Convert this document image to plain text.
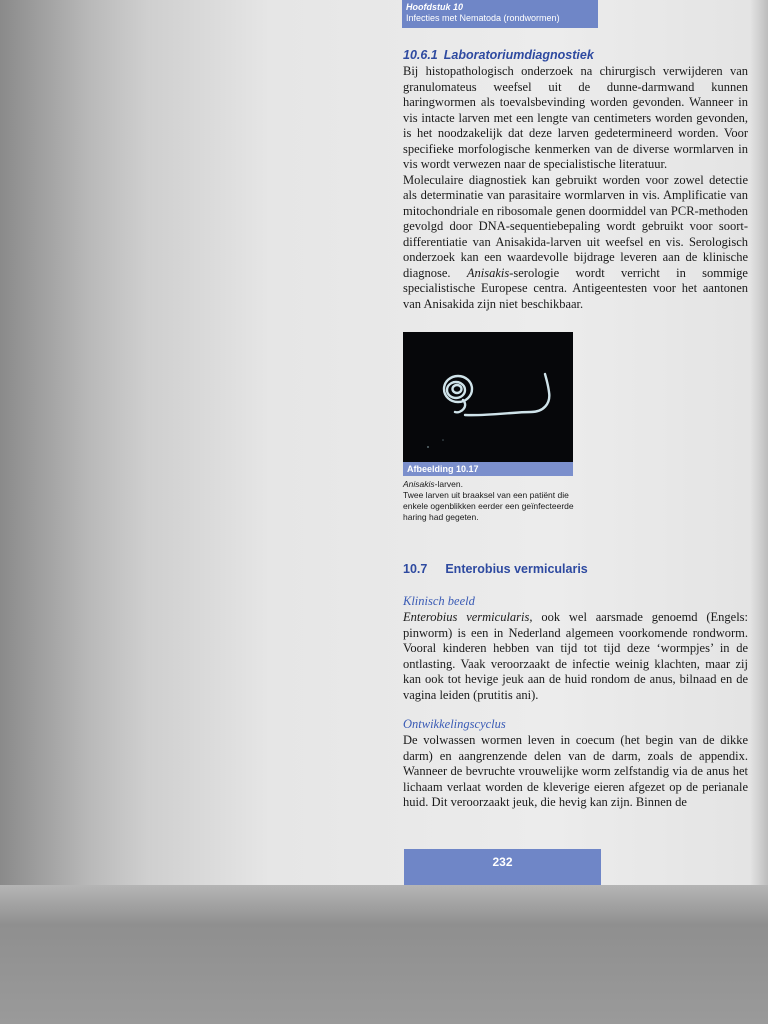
Hoofdstuk 10
Infecties met Nematoda (rondwormen)
10.6.1 Laboratoriumdiagnostiek

Bij histopathologisch onderzoek na chirurgisch verwijderen van granulomateus weefsel uit de dunne-darmwand kunnen haringwormen als toevalsbevinding worden gevonden. Wanneer in vis intacte larven met een lengte van centimeters worden gevonden, is het noodzakelijk dat deze larven gedetermineerd worden. Voor specifieke morfologische kenmerken van de diverse wormlarven in vis wordt verwezen naar de specialistische literatuur.

Moleculaire diagnostiek kan gebruikt worden voor zowel detectie als determinatie van parasitaire wormlarven in vis. Amplificatie van mitochondriale en ribosomale genen doormiddel van PCR-methoden gevolgd door DNA-sequentiebepaling wordt gebruikt voor soort-differentiatie van Anisakida-larven uit weefsel en vis. Serologisch onderzoek kan een waardevolle bijdrage leveren aan de klinische diagnose. Anisakis-serologie wordt verricht in sommige specialistische Europese centra. Antigeentesten voor het aantonen van Anisakida zijn niet beschikbaar.

Afbeelding 10.17
Anisakis-larven.
Twee larven uit braaksel van een patiënt die enkele ogenblikken eerder een geïnfecteerde haring had gegeten.
10.7 Enterobius vermicularis
Klinisch beeld

Enterobius vermicularis, ook wel aarsmade genoemd (Engels: pinworm) is een in Nederland algemeen voorkomende rondworm. Vooral kinderen hebben van tijd tot tijd deze ‘wormpjes’ in de ontlasting. Vaak veroorzaakt de infectie weinig klachten, maar zij kan ook tot hevige jeuk aan de huid rondom de anus, bilnaad en de vagina leiden (prutitis ani).

Ontwikkelingscyclus

De volwassen wormen leven in coecum (het begin van de dikke darm) en aangrenzende delen van de darm, zoals de appendix. Wanneer de bevruchte vrouwelijke worm zelfstandig via de anus het lichaam verlaat worden de kleverige eieren afgezet op de perianale huid. Dit veroorzaakt jeuk, die hevig kan zijn. Binnen de

232
